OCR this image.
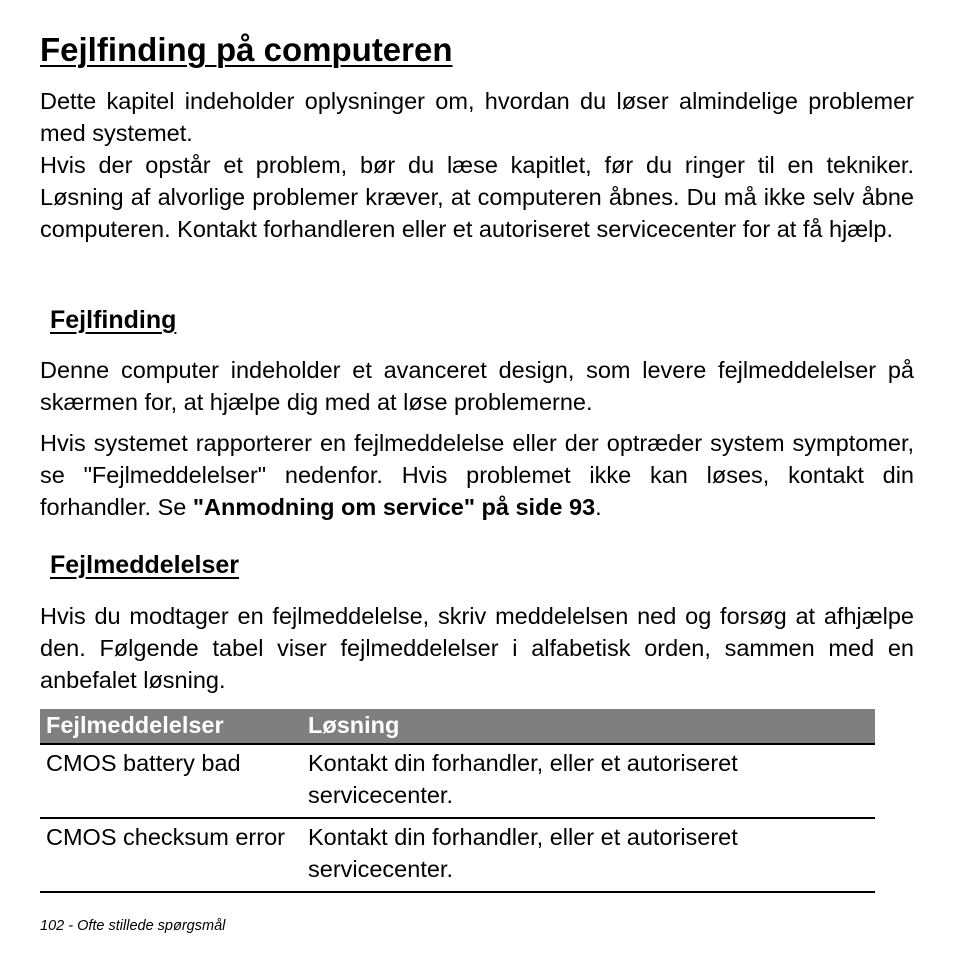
Fejlfinding på computeren

Dette kapitel indeholder oplysninger om, hvordan du løser almindelige problemer med systemet.

Hvis der opstår et problem, bør du læse kapitlet, før du ringer til en tekniker. Løsning af alvorlige problemer kræver, at computeren åbnes. Du må ikke selv åbne computeren. Kontakt forhandleren eller et autoriseret servicecenter for at få hjælp.

Fejlfinding

Denne computer indeholder et avanceret design, som levere fejlmeddelelser på skærmen for, at hjælpe dig med at løse problemerne.

Hvis systemet rapporterer en fejlmeddelelse eller der optræder system symptomer, se "Fejlmeddelelser" nedenfor. Hvis problemet ikke kan løses, kontakt din forhandler. Se "Anmodning om service" på side 93.

Fejlmeddelelser

Hvis du modtager en fejlmeddelelse, skriv meddelelsen ned og forsøg at afhjælpe den. Følgende tabel viser fejlmeddelelser i alfabetisk orden, sammen med en anbefalet løsning.

Fejlmeddelelser	Løsning
CMOS battery bad	Kontakt din forhandler, eller et autoriseret servicecenter.
CMOS checksum error	Kontakt din forhandler, eller et autoriseret servicecenter.

102 - Ofte stillede spørgsmål
